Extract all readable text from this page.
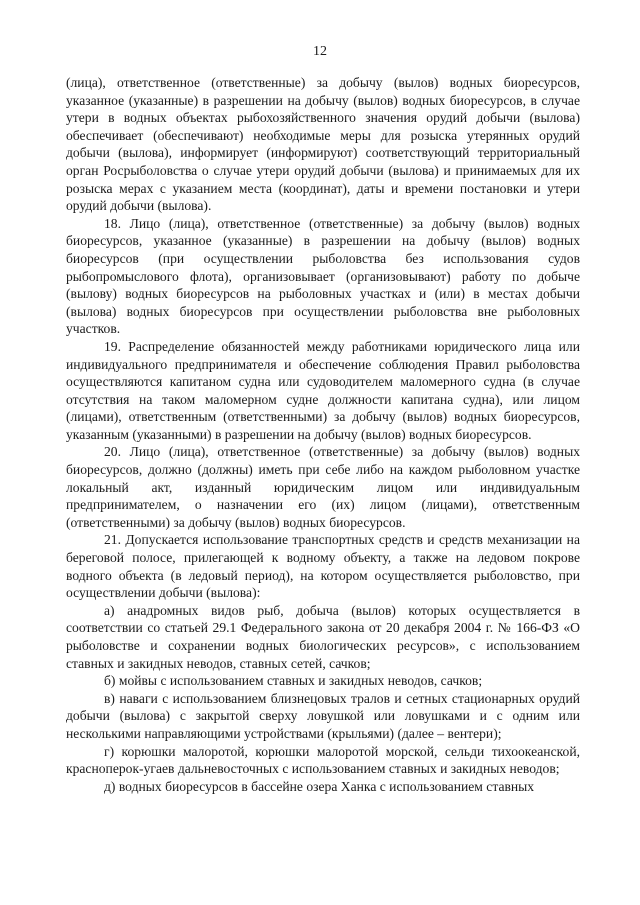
12

(лица), ответственное (ответственные) за добычу (вылов) водных биоресурсов, указанное (указанные) в разрешении на добычу (вылов) водных биоресурсов, в случае утери в водных объектах рыбохозяйственного значения орудий добычи (вылова) обеспечивает (обеспечивают) необходимые меры для розыска утерянных орудий добычи (вылова), информирует (информируют) соответствующий территориальный орган Росрыболовства о случае утери орудий добычи (вылова) и принимаемых для их розыска мерах с указанием места (координат), даты и времени постановки и утери орудий добычи (вылова).

18. Лицо (лица), ответственное (ответственные) за добычу (вылов) водных биоресурсов, указанное (указанные) в разрешении на добычу (вылов) водных биоресурсов (при осуществлении рыболовства без использования судов рыбопромыслового флота), организовывает (организовывают) работу по добыче (вылову) водных биоресурсов на рыболовных участках и (или) в местах добычи (вылова) водных биоресурсов при осуществлении рыболовства вне рыболовных участков.

19. Распределение обязанностей между работниками юридического лица или индивидуального предпринимателя и обеспечение соблюдения Правил рыболовства осуществляются капитаном судна или судоводителем маломерного судна (в случае отсутствия на таком маломерном судне должности капитана судна), или лицом (лицами), ответственным (ответственными) за добычу (вылов) водных биоресурсов, указанным (указанными) в разрешении на добычу (вылов) водных биоресурсов.

20. Лицо (лица), ответственное (ответственные) за добычу (вылов) водных биоресурсов, должно (должны) иметь при себе либо на каждом рыболовном участке локальный акт, изданный юридическим лицом или индивидуальным предпринимателем, о назначении его (их) лицом (лицами), ответственным (ответственными) за добычу (вылов) водных биоресурсов.

21. Допускается использование транспортных средств и средств механизации на береговой полосе, прилегающей к водному объекту, а также на ледовом покрове водного объекта (в ледовый период), на котором осуществляется рыболовство, при осуществлении добычи (вылова):

а) анадромных видов рыб, добыча (вылов) которых осуществляется в соответствии со статьей 29.1 Федерального закона от 20 декабря 2004 г. № 166-ФЗ «О рыболовстве и сохранении водных биологических ресурсов», с использованием ставных и закидных неводов, ставных сетей, сачков;

б) мойвы с использованием ставных и закидных неводов, сачков;

в) наваги с использованием близнецовых тралов и сетных стационарных орудий добычи (вылова) с закрытой сверху ловушкой или ловушками и с одним или несколькими направляющими устройствами (крыльями) (далее – вентери);

г) корюшки малоротой, корюшки малоротой морской, сельди тихоокеанской, красноперок-угаев дальневосточных с использованием ставных и закидных неводов;

д) водных биоресурсов в бассейне озера Ханка с использованием ставных
